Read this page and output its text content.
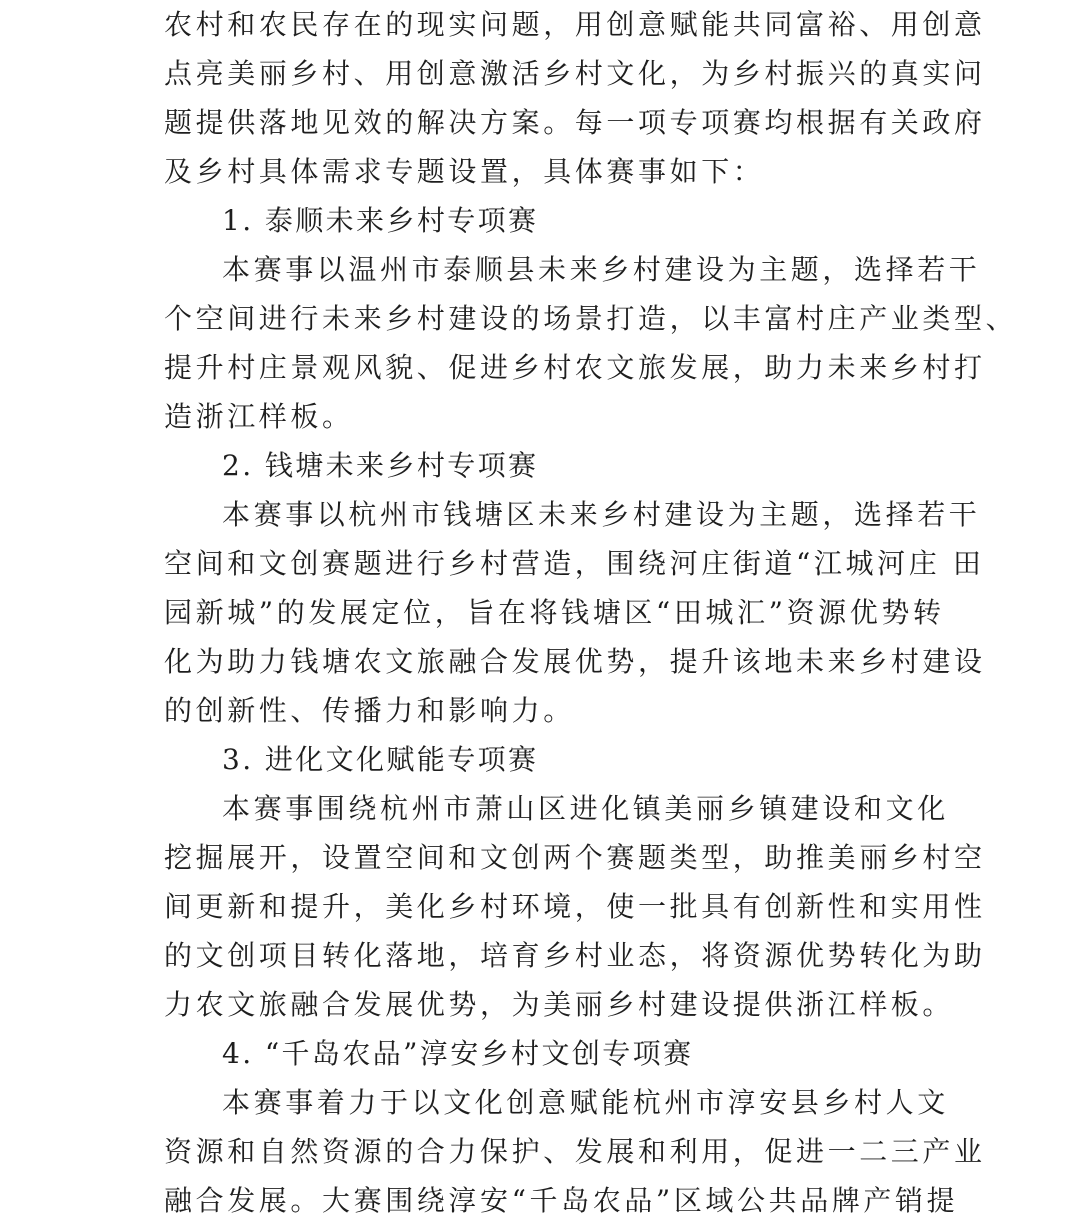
农村和农民存在的现实问题，用创意赋能共同富裕、用创意
点亮美丽乡村、用创意激活乡村文化，为乡村振兴的真实问
题提供落地见效的解决方案。每一项专项赛均根据有关政府
及乡村具体需求专题设置，具体赛事如下：
1. 泰顺未来乡村专项赛
本赛事以温州市泰顺县未来乡村建设为主题，选择若干
个空间进行未来乡村建设的场景打造，以丰富村庄产业类型、
提升村庄景观风貌、促进乡村农文旅发展，助力未来乡村打
造浙江样板。
2. 钱塘未来乡村专项赛
本赛事以杭州市钱塘区未来乡村建设为主题，选择若干
空间和文创赛题进行乡村营造，围绕河庄街道“江城河庄 田
园新城”的发展定位，旨在将钱塘区“田城汇”资源优势转
化为助力钱塘农文旅融合发展优势，提升该地未来乡村建设
的创新性、传播力和影响力。
3. 进化文化赋能专项赛
本赛事围绕杭州市萧山区进化镇美丽乡镇建设和文化
挖掘展开，设置空间和文创两个赛题类型，助推美丽乡村空
间更新和提升，美化乡村环境，使一批具有创新性和实用性
的文创项目转化落地，培育乡村业态，将资源优势转化为助
力农文旅融合发展优势，为美丽乡村建设提供浙江样板。
4. “千岛农品”淳安乡村文创专项赛
本赛事着力于以文化创意赋能杭州市淳安县乡村人文
资源和自然资源的合力保护、发展和利用，促进一二三产业
融合发展。大赛围绕淳安“千岛农品”区域公共品牌产销提
